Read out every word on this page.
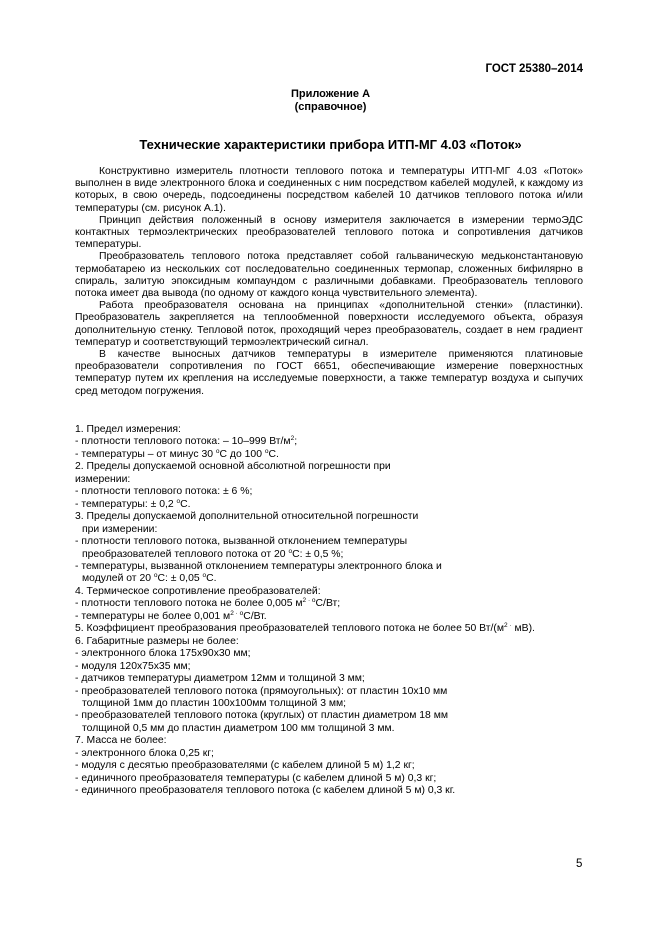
ГОСТ 25380–2014
Приложение А
(справочное)
Технические характеристики прибора ИТП-МГ 4.03 «Поток»

Конструктивно измеритель плотности теплового потока и температуры ИТП-МГ 4.03 «Поток» выполнен в виде электронного блока и соединенных с ним посредством кабелей модулей, к каждому из которых, в свою очередь, подсоединены посредством кабелей 10 датчиков теплового потока и/или температуры (см. рисунок А.1).

Принцип действия положенный в основу измерителя заключается в измерении термоЭДС контактных термоэлектрических преобразователей теплового потока и сопротивления датчиков температуры.

Преобразователь теплового потока представляет собой гальваническую медьконстантановую термобатарею из нескольких сот последовательно соединенных термопар, сложенных бифилярно в спираль, залитую эпоксидным компаундом с различными добавками. Преобразователь теплового потока имеет два вывода (по одному от каждого конца чувствительного элемента).

Работа преобразователя основана на принципах «дополнительной стенки» (пластинки). Преобразователь закрепляется на теплообменной поверхности исследуемого объекта, образуя дополнительную стенку. Тепловой поток, проходящий через преобразователь, создает в нем градиент температур и соответствующий термоэлектрический сигнал.

В качестве выносных датчиков температуры в измерителе применяются платиновые преобразователи сопротивления по ГОСТ 6651, обеспечивающие измерение поверхностных температур путем их крепления на исследуемые поверхности, а также температур воздуха и сыпучих сред методом погружения.

1. Предел измерения:
- плотности теплового потока: – 10–999 $Вт/м^2$;
- температуры – от минус 30 $^о$С до 100 $^о$С.
2. Пределы допускаемой основной абсолютной погрешности при
измерении:
- плотности теплового потока: ± 6 %;
- температуры: ± 0,2 $^о$С.
3. Пределы допускаемой дополнительной относительной погрешности
при измерении:
- плотности теплового потока, вызванной отклонением температуры
преобразователей теплового потока от 20 $^о$С: ± 0,5 %;
- температуры, вызванной отклонением температуры электронного блока и
модулей от 20 $^о$С: ± 0,05 $^о$С.
4. Термическое сопротивление преобразователей:
- плотности теплового потока не более 0,005 $м^{2 \cdot о}С/Вт$;
- температуры не более 0,001 $м^{2 \cdot о}С/Вт$.
5. Коэффициент преобразования преобразователей теплового потока не более 50 $Вт/(м^{2 \cdot}$ мВ).
6. Габаритные размеры не более:
- электронного блока 175x90x30 мм;
- модуля 120x75x35 мм;
- датчиков температуры диаметром 12мм и толщиной 3 мм;
- преобразователей теплового потока (прямоугольных): от пластин 10x10 мм
толщиной 1мм до пластин 100x100мм толщиной 3 мм;
- преобразователей теплового потока (круглых) от пластин диаметром 18 мм
толщиной 0,5 мм до пластин диаметром 100 мм толщиной 3 мм.
7. Масса не более:
- электронного блока 0,25 кг;
- модуля с десятью преобразователями (с кабелем длиной 5 м) 1,2 кг;
- единичного преобразователя температуры (с кабелем длиной 5 м) 0,3 кг;
- единичного преобразователя теплового потока (с кабелем длиной 5 м) 0,3 кг.
5
